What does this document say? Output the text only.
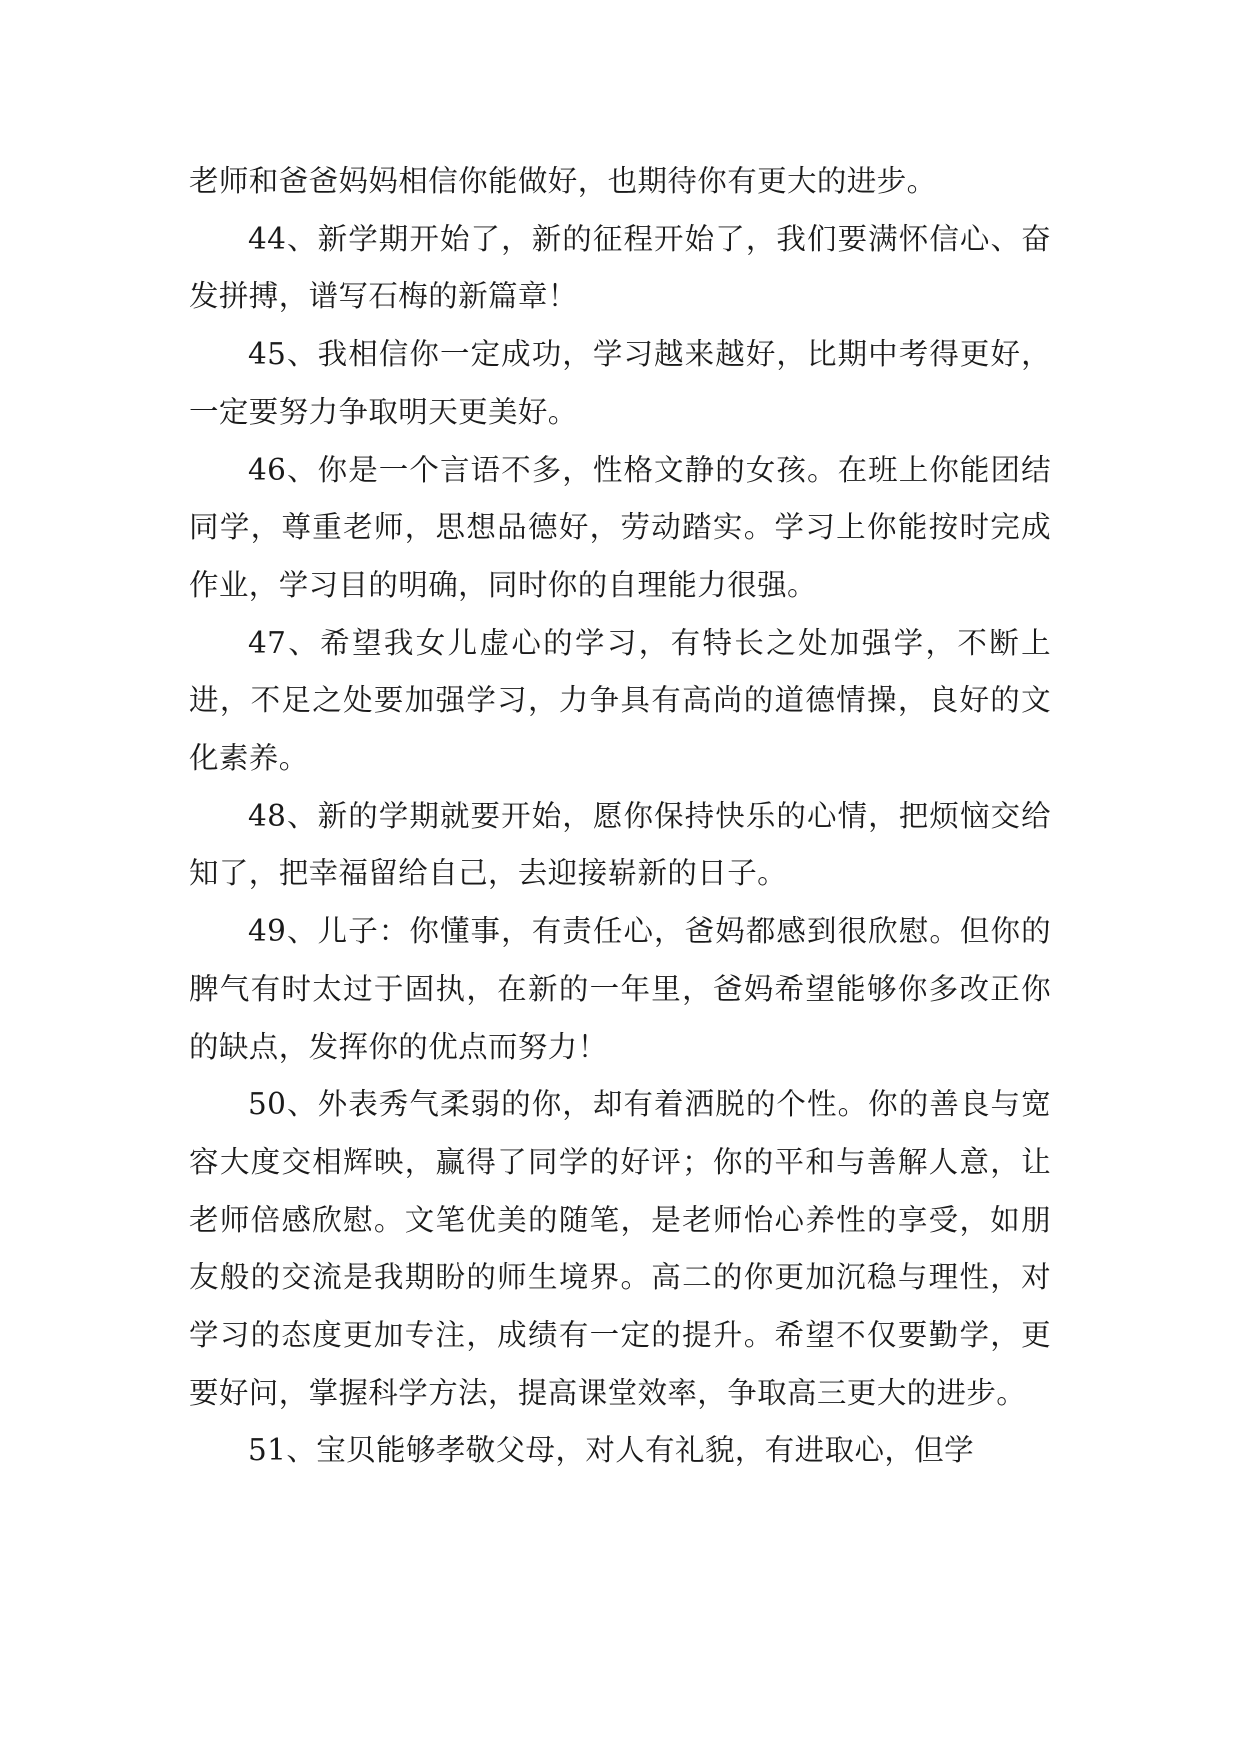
老师和爸爸妈妈相信你能做好，也期待你有更大的进步。

44、新学期开始了，新的征程开始了，我们要满怀信心、奋发拼搏，谱写石梅的新篇章！

45、我相信你一定成功，学习越来越好，比期中考得更好，一定要努力争取明天更美好。

46、你是一个言语不多，性格文静的女孩。在班上你能团结同学，尊重老师，思想品德好，劳动踏实。学习上你能按时完成作业，学习目的明确，同时你的自理能力很强。

47、希望我女儿虚心的学习，有特长之处加强学，不断上进，不足之处要加强学习，力争具有高尚的道德情操，良好的文化素养。

48、新的学期就要开始，愿你保持快乐的心情，把烦恼交给知了，把幸福留给自己，去迎接崭新的日子。

49、儿子：你懂事，有责任心，爸妈都感到很欣慰。但你的脾气有时太过于固执，在新的一年里，爸妈希望能够你多改正你的缺点，发挥你的优点而努力！

50、外表秀气柔弱的你，却有着洒脱的个性。你的善良与宽容大度交相辉映，赢得了同学的好评；你的平和与善解人意，让老师倍感欣慰。文笔优美的随笔，是老师怡心养性的享受，如朋友般的交流是我期盼的师生境界。高二的你更加沉稳与理性，对学习的态度更加专注，成绩有一定的提升。希望不仅要勤学，更要好问，掌握科学方法，提高课堂效率，争取高三更大的进步。

51、宝贝能够孝敬父母，对人有礼貌，有进取心，但学
